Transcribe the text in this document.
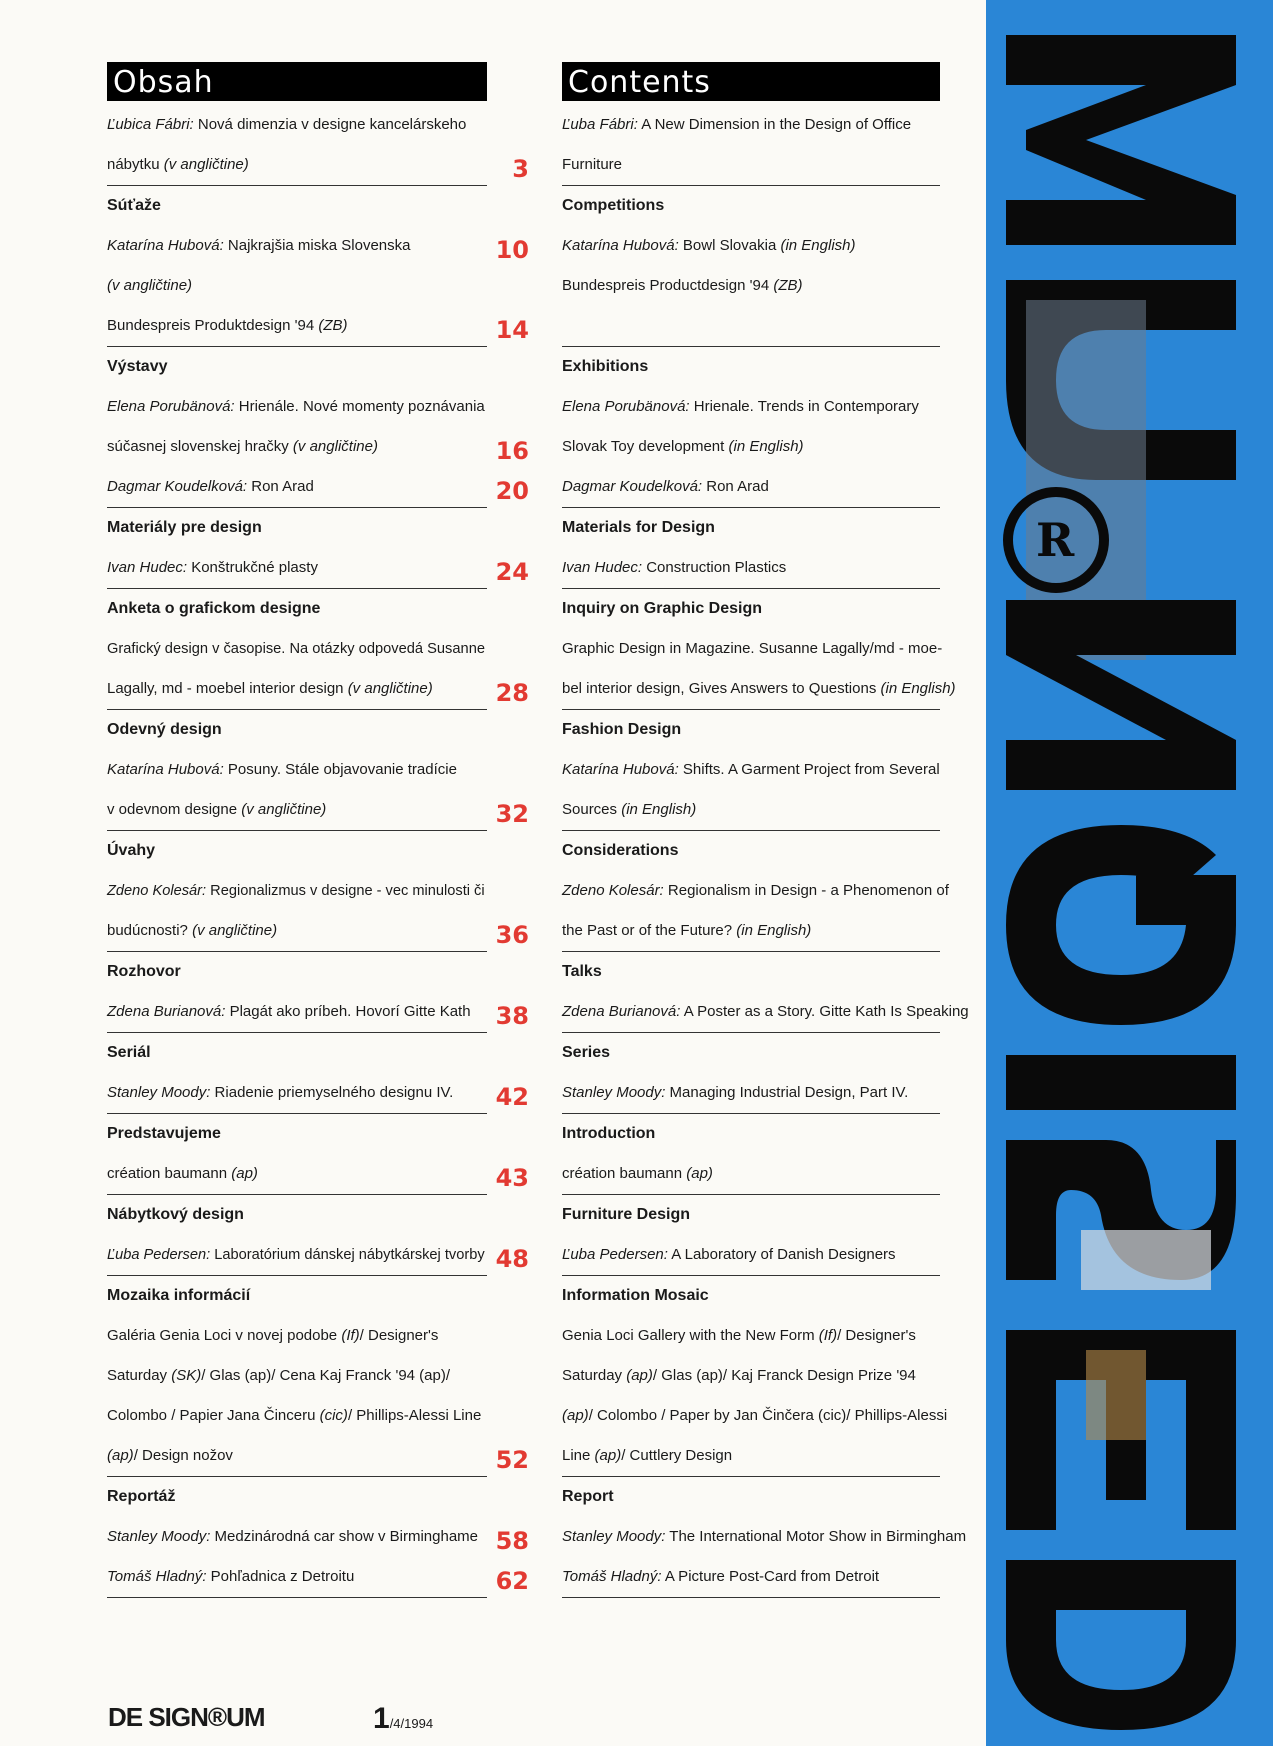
Obsah
Ľubica Fábri: Nová dimenzia v designe kancelárskeho
nábytku (v angličtine)	3
Súťaže
Katarína Hubová: Najkrajšia miska Slovenska	10
(v angličtine)
Bundespreis Produktdesign '94 (ZB)	14
Výstavy
Elena Porubänová: Hrienále. Nové momenty poznávania
súčasnej slovenskej hračky (v angličtine)	16
Dagmar Koudelková: Ron Arad	20
Materiály pre design
Ivan Hudec: Konštrukčné plasty	24
Anketa o grafickom designe
Grafický design v časopise. Na otázky odpovedá Susanne
Lagally, md - moebel interior design (v angličtine)	28
Odevný design
Katarína Hubová: Posuny. Stále objavovanie tradície
v odevnom designe (v angličtine)	32
Úvahy
Zdeno Kolesár: Regionalizmus v designe - vec minulosti či
budúcnosti? (v angličtine)	36
Rozhovor
Zdena Burianová: Plagát ako príbeh. Hovorí Gitte Kath 38
Seriál
Stanley Moody: Riadenie priemyselného designu IV. 42
Predstavujeme
création baumann (ap)	43
Nábytkový design
Ľuba Pedersen: Laboratórium dánskej nábytkárskej tvorby 48
Mozaika informácií
Galéria Genia Loci v novej podobe (If)/ Designer's
Saturday (SK)/ Glas (ap)/ Cena Kaj Franck '94 (ap)/
Colombo / Papier Jana Činceru (cic)/ Phillips-Alessi Line
(ap)/ Design nožov	52
Reportáž
Stanley Moody: Medzinárodná car show v Birminghame 58
Tomáš Hladný: Pohľadnica z Detroitu	62
Contents
Ľuba Fábri: A New Dimension in the Design of Office
Furniture
Competitions
Katarína Hubová: Bowl Slovakia (in English)
Bundespreis Productdesign '94 (ZB)
Exhibitions
Elena Porubänová: Hrienale. Trends in Contemporary
Slovak Toy development (in English)
Dagmar Koudelková: Ron Arad
Materials for Design
Ivan Hudec: Construction Plastics
Inquiry on Graphic Design
Graphic Design in Magazine. Susanne Lagally/md - moe-
bel interior design, Gives Answers to Questions (in English)
Fashion Design
Katarína Hubová: Shifts. A Garment Project from Several
Sources (in English)
Considerations
Zdeno Kolesár: Regionalism in Design - a Phenomenon of
the Past or of the Future? (in English)
Talks
Zdena Burianová: A Poster as a Story. Gitte Kath Is Speaking
Series
Stanley Moody: Managing Industrial Design, Part IV.
Introduction
création baumann (ap)
Furniture Design
Ľuba Pedersen: A Laboratory of Danish Designers
Information Mosaic
Genia Loci Gallery with the New Form (If)/ Designer's
Saturday (ap)/ Glas (ap)/ Kaj Franck Design Prize '94
(ap)/ Colombo / Paper by Jan Činčera (cic)/ Phillips-Alessi
Line (ap)/ Cuttlery Design
Report
Stanley Moody: The International Motor Show in Birmingham
Tomáš Hladný: A Picture Post-Card from Detroit
R
DE SIGN®UM	1/4/1994
